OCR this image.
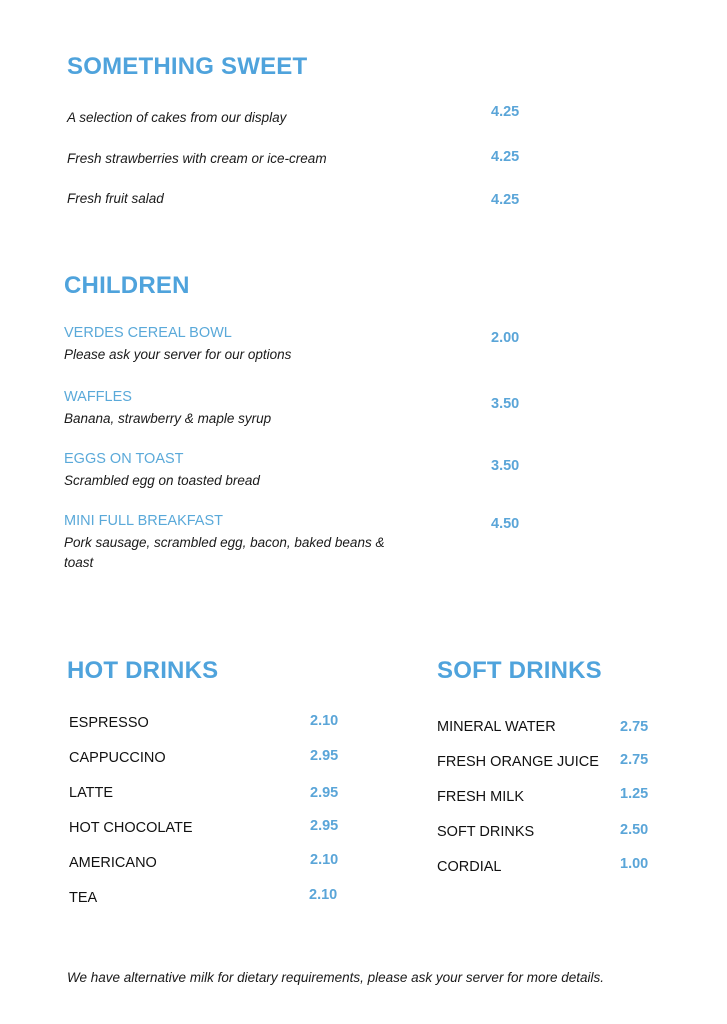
SOMETHING SWEET
CHILDREN
HOT DRINKS	SOFT DRINKS
We have alternative milk for dietary requirements, please ask your server for more details.
A selection of cakes from our display	4.25
Fresh strawberries with cream or ice-cream	4.25
Fresh fruit salad	4.25
VERDES CEREAL BOWL
Please ask your server for our options
2.00
WAFFLES
Banana, strawberry & maple syrup
3.50
EGGS ON TOAST
Scrambled egg on toasted bread
3.50
MINI FULL BREAKFAST
Pork sausage, scrambled egg, bacon, baked beans &
toast
4.50
ESPRESSO	2.10
CAPPUCCINO	2.95
LATTE	2.95
HOT CHOCOLATE	2.95
AMERICANO	2.10
TEA	2.10
MINERAL WATER	2.75
FRESH ORANGE JUICE 2.75
FRESH MILK	1.25
SOFT DRINKS	2.50
CORDIAL	1.00
